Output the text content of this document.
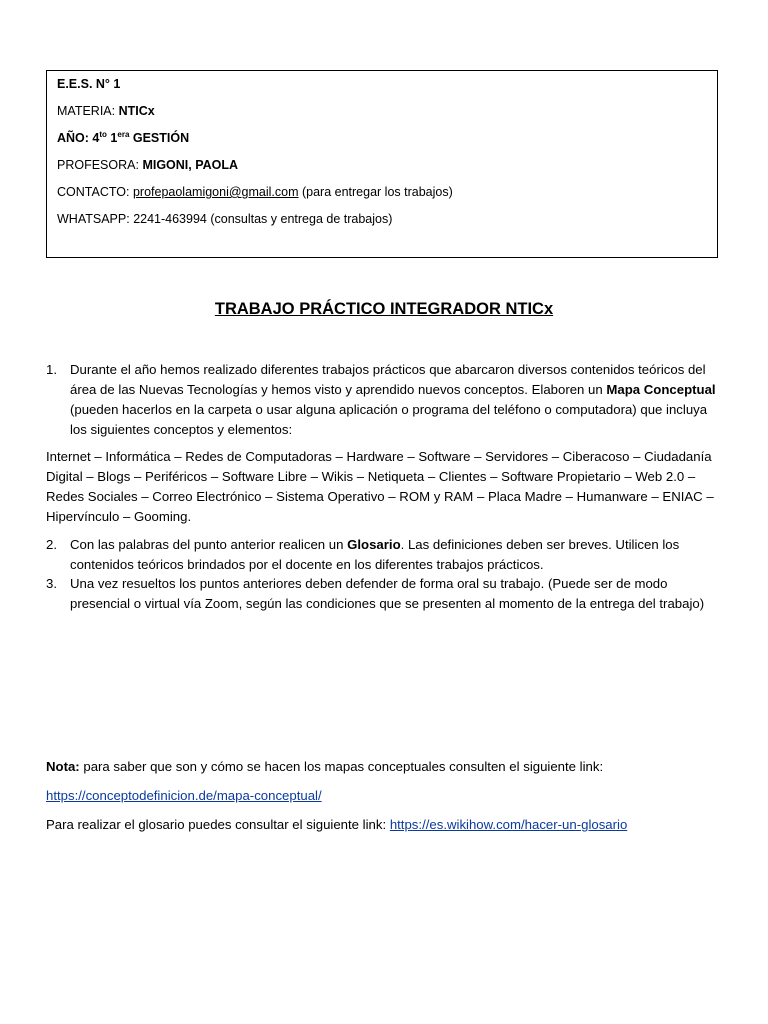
E.E.S. N° 1
MATERIA: NTICx
AÑO: $4^{to}$ $1^{era}$ GESTIÓN
PROFESORA: MIGONI, PAOLA
CONTACTO: profepaolamigoni@gmail.com (para entregar los trabajos)
WHATSAPP: 2241-463994 (consultas y entrega de trabajos)
TRABAJO PRÁCTICO INTEGRADOR NTICx
1. Durante el año hemos realizado diferentes trabajos prácticos que abarcaron diversos contenidos teóricos del área de las Nuevas Tecnologías y hemos visto y aprendido nuevos conceptos. Elaboren un Mapa Conceptual (pueden hacerlos en la carpeta o usar alguna aplicación o programa del teléfono o computadora) que incluya los siguientes conceptos y elementos:
Internet – Informática – Redes de Computadoras – Hardware – Software – Servidores – Ciberacoso – Ciudadanía Digital – Blogs – Periféricos – Software Libre – Wikis – Netiqueta – Clientes – Software Propietario – Web 2.0 – Redes Sociales – Correo Electrónico – Sistema Operativo – ROM y RAM – Placa Madre – Humanware – ENIAC – Hipervínculo – Gooming.
2. Con las palabras del punto anterior realicen un Glosario. Las definiciones deben ser breves. Utilicen los contenidos teóricos brindados por el docente en los diferentes trabajos prácticos.
3. Una vez resueltos los puntos anteriores deben defender de forma oral su trabajo. (Puede ser de modo presencial o virtual vía Zoom, según las condiciones que se presenten al momento de la entrega del trabajo)
Nota: para saber que son y cómo se hacen los mapas conceptuales consulten el siguiente link:
https://conceptodefinicion.de/mapa-conceptual/
Para realizar el glosario puedes consultar el siguiente link: https://es.wikihow.com/hacer-un-glosario
